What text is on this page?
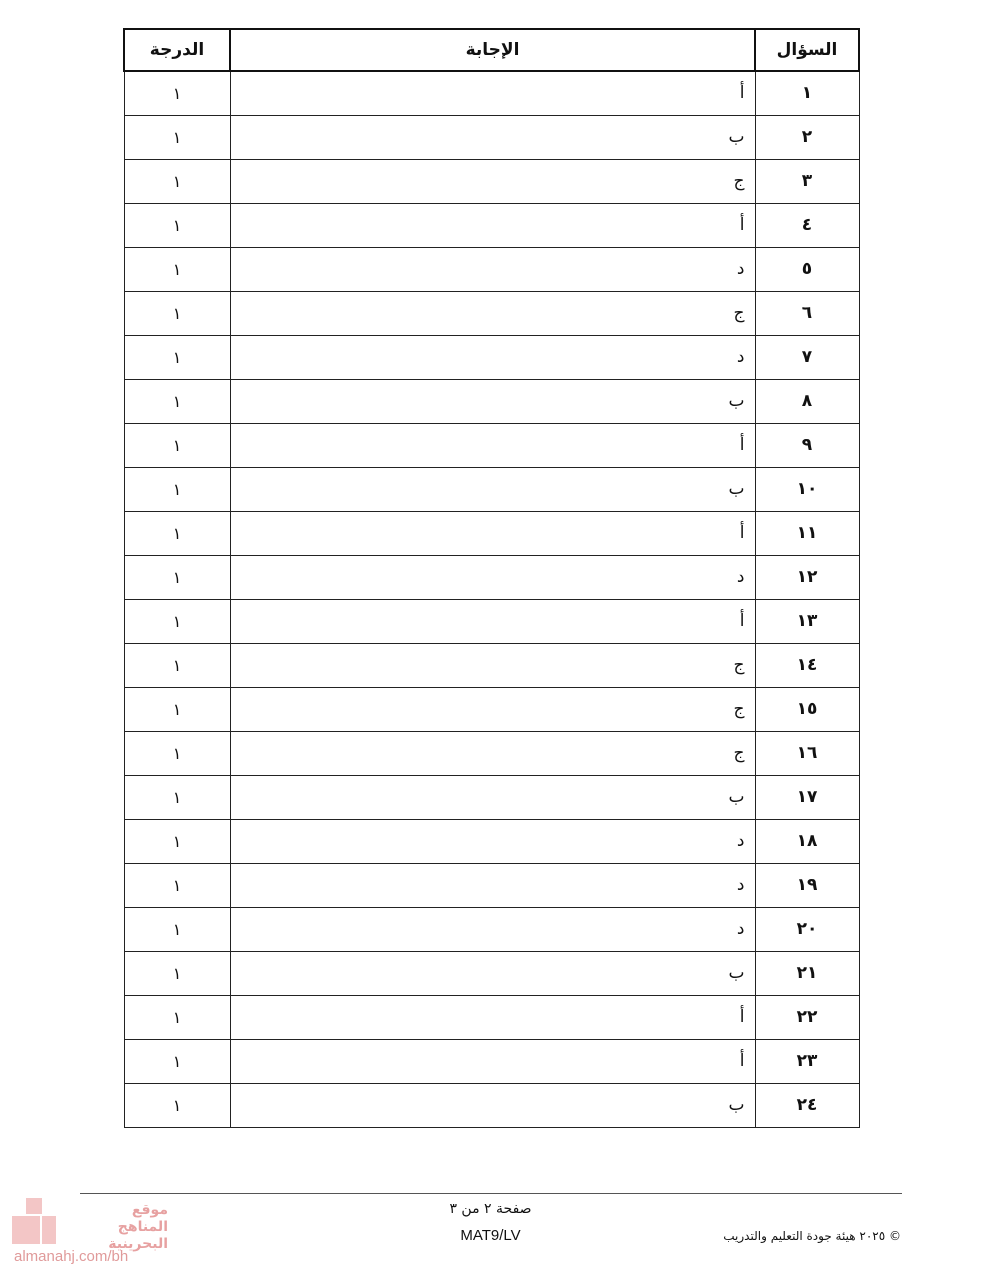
السؤال	الإجابة	الدرجة
١	أ	١
٢	ب	١
٣	ج	١
٤	أ	١
٥	د	١
٦	ج	١
٧	د	١
٨	ب	١
٩	أ	١
١٠	ب	١
١١	أ	١
١٢	د	١
١٣	أ	١
١٤	ج	١
١٥	ج	١
١٦	ج	١
١٧	ب	١
١٨	د	١
١٩	د	١
٢٠	د	١
٢١	ب	١
٢٢	أ	١
٢٣	أ	١
٢٤	ب	١
صفحة ٢ من ٣
MAT9/LV	© ٢٠٢٥ هيئة جودة التعليم والتدريب
موقع
المناهج البحرينية
almanahj.com/bh
